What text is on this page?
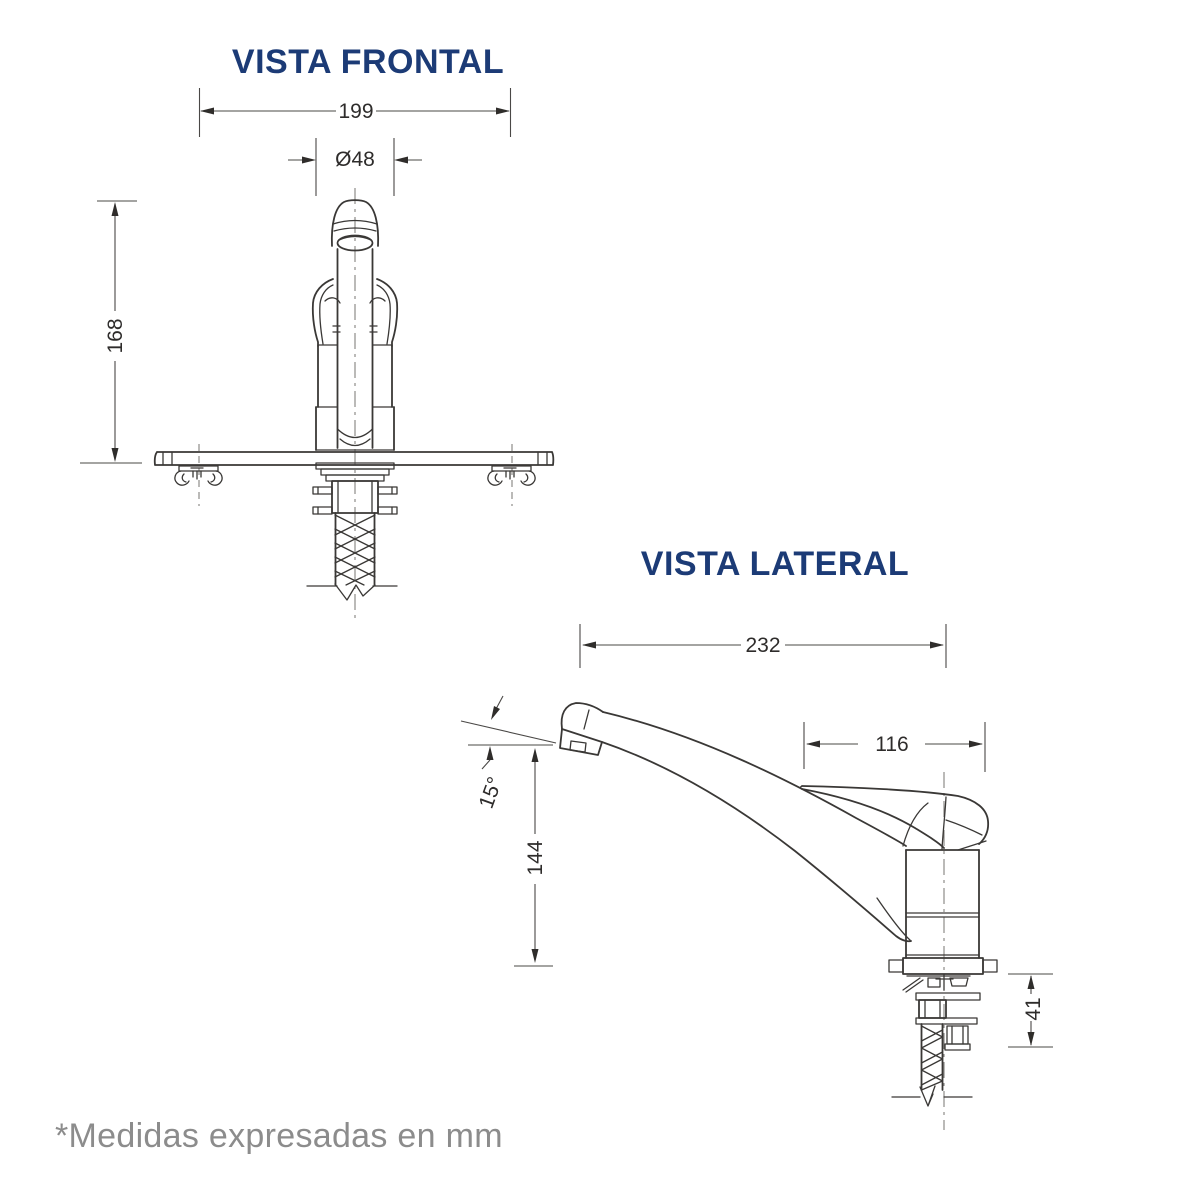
VISTA FRONTAL
199
Ø48
168
VISTA LATERAL
232
116
15°
144
41
*Medidas expresadas en mm
